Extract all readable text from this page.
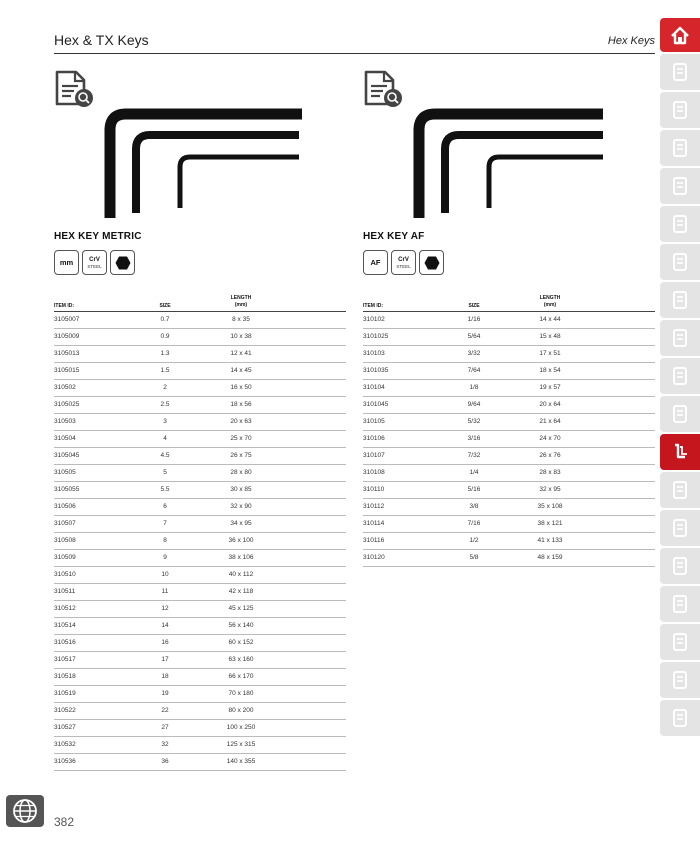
Hex & TX Keys	Hex Keys
HEX KEY METRIC
mm	CrV
STEEL
ITEM ID:	SIZE	LENGTH
(mm)
3105007	0.7	8 x 35
3105009	0.9	10 x 38
3105013	1.3	12 x 41
3105015	1.5	14 x 45
310502	2	16 x 50
3105025	2.5	18 x 56
310503	3	20 x 63
310504	4	25 x 70
3105045	4.5	26 x 75
310505	5	28 x 80
3105055	5.5	30 x 85
310506	6	32 x 90
310507	7	34 x 95
310508	8	36 x 100
310509	9	38 x 106
310510	10	40 x 112
310511	11	42 x 118
310512	12	45 x 125
310514	14	56 x 140
310516	16	60 x 152
310517	17	63 x 160
310518	18	66 x 170
310519	19	70 x 180
310522	22	80 x 200
310527	27	100 x 250
310532	32	125 x 315
310536	36	140 x 355
HEX KEY AF
AF	CrV
STEEL
ITEM ID:	SIZE	LENGTH
(mm)
310102	1/16	14 x 44
3101025	5/64	15 x 48
310103	3/32	17 x 51
3101035	7/64	18 x 54
310104	1/8	19 x 57
3101045	9/64	20 x 64
310105	5/32	21 x 64
310106	3/16	24 x 70
310107	7/32	26 x 76
310108	1/4	28 x 83
310110	5/16	32 x 95
310112	3/8	35 x 108
310114	7/16	38 x 121
310116	1/2	41 x 133
310120	5/8	48 x 159
382
